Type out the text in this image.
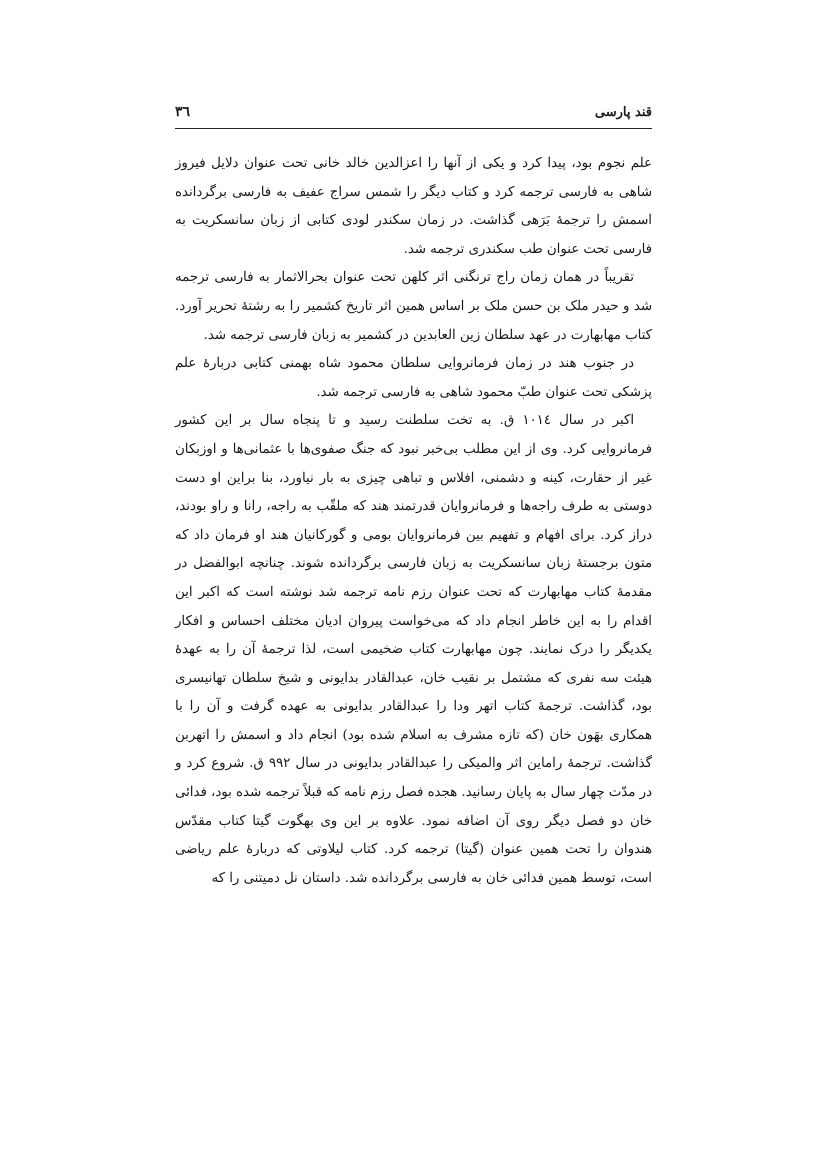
قند پارسی
۳٦

علم نجوم بود، پیدا کرد و یکی از آنها را اعزالدین خالد خانی تحت عنوان دلایل فیروز شاهی به فارسی ترجمه کرد و کتاب دیگر را شمس سراج عفیف به فارسی برگردانده اسمش را ترجمۀ بَرَهی گذاشت. در زمان سکندر لودی کتابی از زبان سانسکریت به فارسی تحت عنوان طب سکندری ترجمه شد.

تقریباً در همان زمان راج ترنگنی اثر کلهن تحت عنوان بحرالاثمار به فارسی ترجمه شد و حیدر ملک بن حسن ملک بر اساس همین اثر تاریخ کشمیر را به رشتۀ تحریر آورد. کتاب مهابهارت در عهد سلطان زین العابدین در کشمیر به زبان فارسی ترجمه شد.

در جنوب هند در زمان فرمانروایی سلطان محمود شاه بهمنی کتابی دربارۀ علم پزشکی تحت عنوان طبّ محمود شاهی به فارسی ترجمه شد.

اکبر در سال ۱۰۱٤ ق. به تخت سلطنت رسید و تا پنجاه سال بر این کشور فرمانروایی کرد. وی از این مطلب بی‌خبر نبود که جنگ صفوی‌ها با عثمانی‌ها و اوزبکان غیر از حقارت، کینه و دشمنی، افلاس و تباهی چیزی به بار نیاورد، بنا براین او دست دوستی به طرف راجه‌ها و فرمانروایان قدرتمند هند که ملقّب به راجه، رانا و راو بودند، دراز کرد. برای افهام و تفهیم بین فرمانروایان بومی و گورکانیان هند او فرمان داد که متون برجستۀ زبان سانسکریت به زبان فارسی برگردانده شوند. چنانچه ابوالفضل در مقدمۀ کتاب مهابهارت که تحت عنوان رزم نامه ترجمه شد نوشته است که اکبر این اقدام را به این خاطر انجام داد که می‌خواست پیروان ادیان مختلف احساس و افکار یکدیگر را درک نمایند. چون مهابهارت کتاب ضخیمی است، لذا ترجمۀ آن را به عهدۀ هیئت سه نفری که مشتمل بر نقیب خان، عبدالقادر بدایونی و شیخ سلطان تهانیسری بود، گذاشت. ترجمۀ کتاب اتهر ودا را عبدالقادر بدایونی به عهده گرفت و آن را با همکاری بهَون خان (که تازه مشرف به اسلام شده بود) انجام داد و اسمش را اتهربن گذاشت. ترجمۀ راماین اثر والمیکی را عبدالقادر بدایونی در سال ۹۹۲ ق. شروع کرد و در مدّت چهار سال به پایان رسانید. هجده فصل رزم نامه که قبلاً ترجمه شده بود، فدائی خان دو فصل دیگر روی آن اضافه نمود. علاوه بر این وی بهگوت گیتا کتاب مقدّس هندوان را تحت همین عنوان (گیتا) ترجمه کرد. کتاب لیلاوتی که دربارۀ علم ریاضی است، توسط همین فدائی خان به فارسی برگردانده شد. داستان نل دمیتنی را که
